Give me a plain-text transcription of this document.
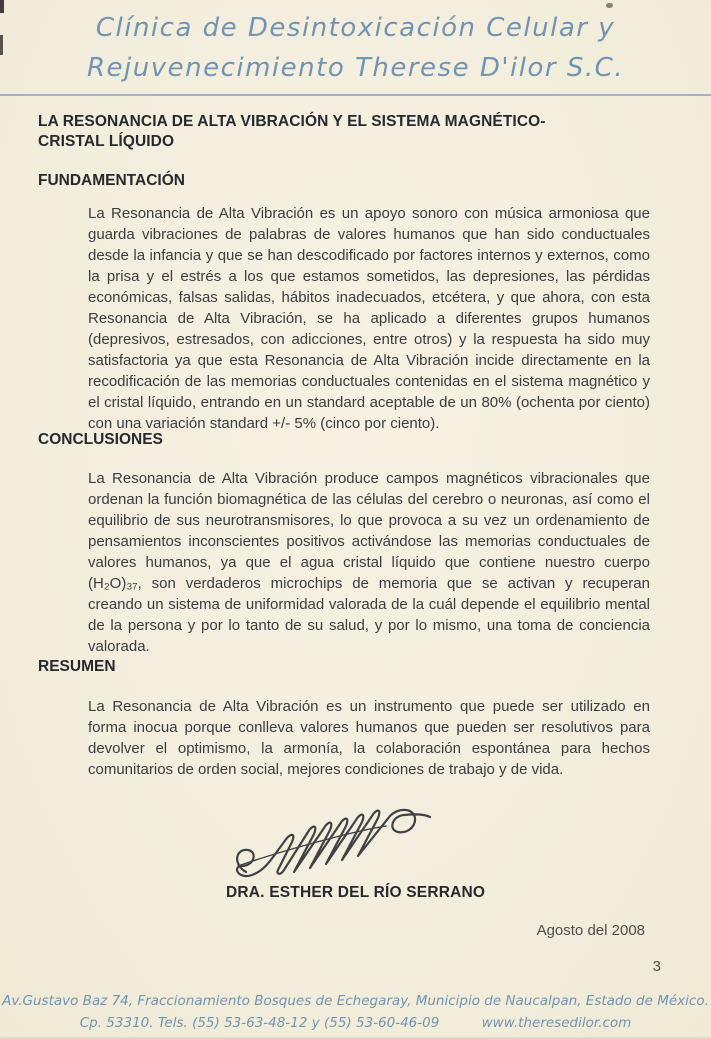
Clínica de Desintoxicación Celular y
Rejuvenecimiento Therese D'ilor S.C.
LA RESONANCIA DE ALTA VIBRACIÓN Y EL SISTEMA MAGNÉTICO-CRISTAL LÍQUIDO
FUNDAMENTACIÓN
La Resonancia de Alta Vibración es un apoyo sonoro con música armoniosa que guarda vibraciones de palabras de valores humanos que han sido conductuales desde la infancia y que se han descodificado por factores internos y externos, como la prisa y el estrés a los que estamos sometidos, las depresiones, las pérdidas económicas, falsas salidas, hábitos inadecuados, etcétera, y que ahora, con esta Resonancia de Alta Vibración, se ha aplicado a diferentes grupos humanos (depresivos, estresados, con adicciones, entre otros) y la respuesta ha sido muy satisfactoria ya que esta Resonancia de Alta Vibración incide directamente en la recodificación de las memorias conductuales contenidas en el sistema magnético y el cristal líquido, entrando en un standard aceptable de un 80% (ochenta por ciento) con una variación standard +/- 5% (cinco por ciento).
CONCLUSIONES
La Resonancia de Alta Vibración produce campos magnéticos vibracionales que ordenan la función biomagnética de las células del cerebro o neuronas, así como el equilibrio de sus neurotransmisores, lo que provoca a su vez un ordenamiento de pensamientos inconscientes positivos activándose las memorias conductuales de valores humanos, ya que el agua cristal líquido que contiene nuestro cuerpo (H₂O)₃₇, son verdaderos microchips de memoria que se activan y recuperan creando un sistema de uniformidad valorada de la cuál depende el equilibrio mental de la persona y por lo tanto de su salud, y por lo mismo, una toma de conciencia valorada.
RESUMEN
La Resonancia de Alta Vibración es un instrumento que puede ser utilizado en forma inocua porque conlleva valores humanos que pueden ser resolutivos para devolver el optimismo, la armonía, la colaboración espontánea para hechos comunitarios de orden social, mejores condiciones de trabajo y de vida.
DRA. ESTHER DEL RÍO SERRANO
Agosto del 2008
3
Av.Gustavo Baz 74, Fraccionamiento Bosques de Echegaray, Municipio de Naucalpan, Estado de México.
Cp. 53310. Tels. (55) 53-63-48-12 y (55) 53-60-46-09	www.theresedilor.com
